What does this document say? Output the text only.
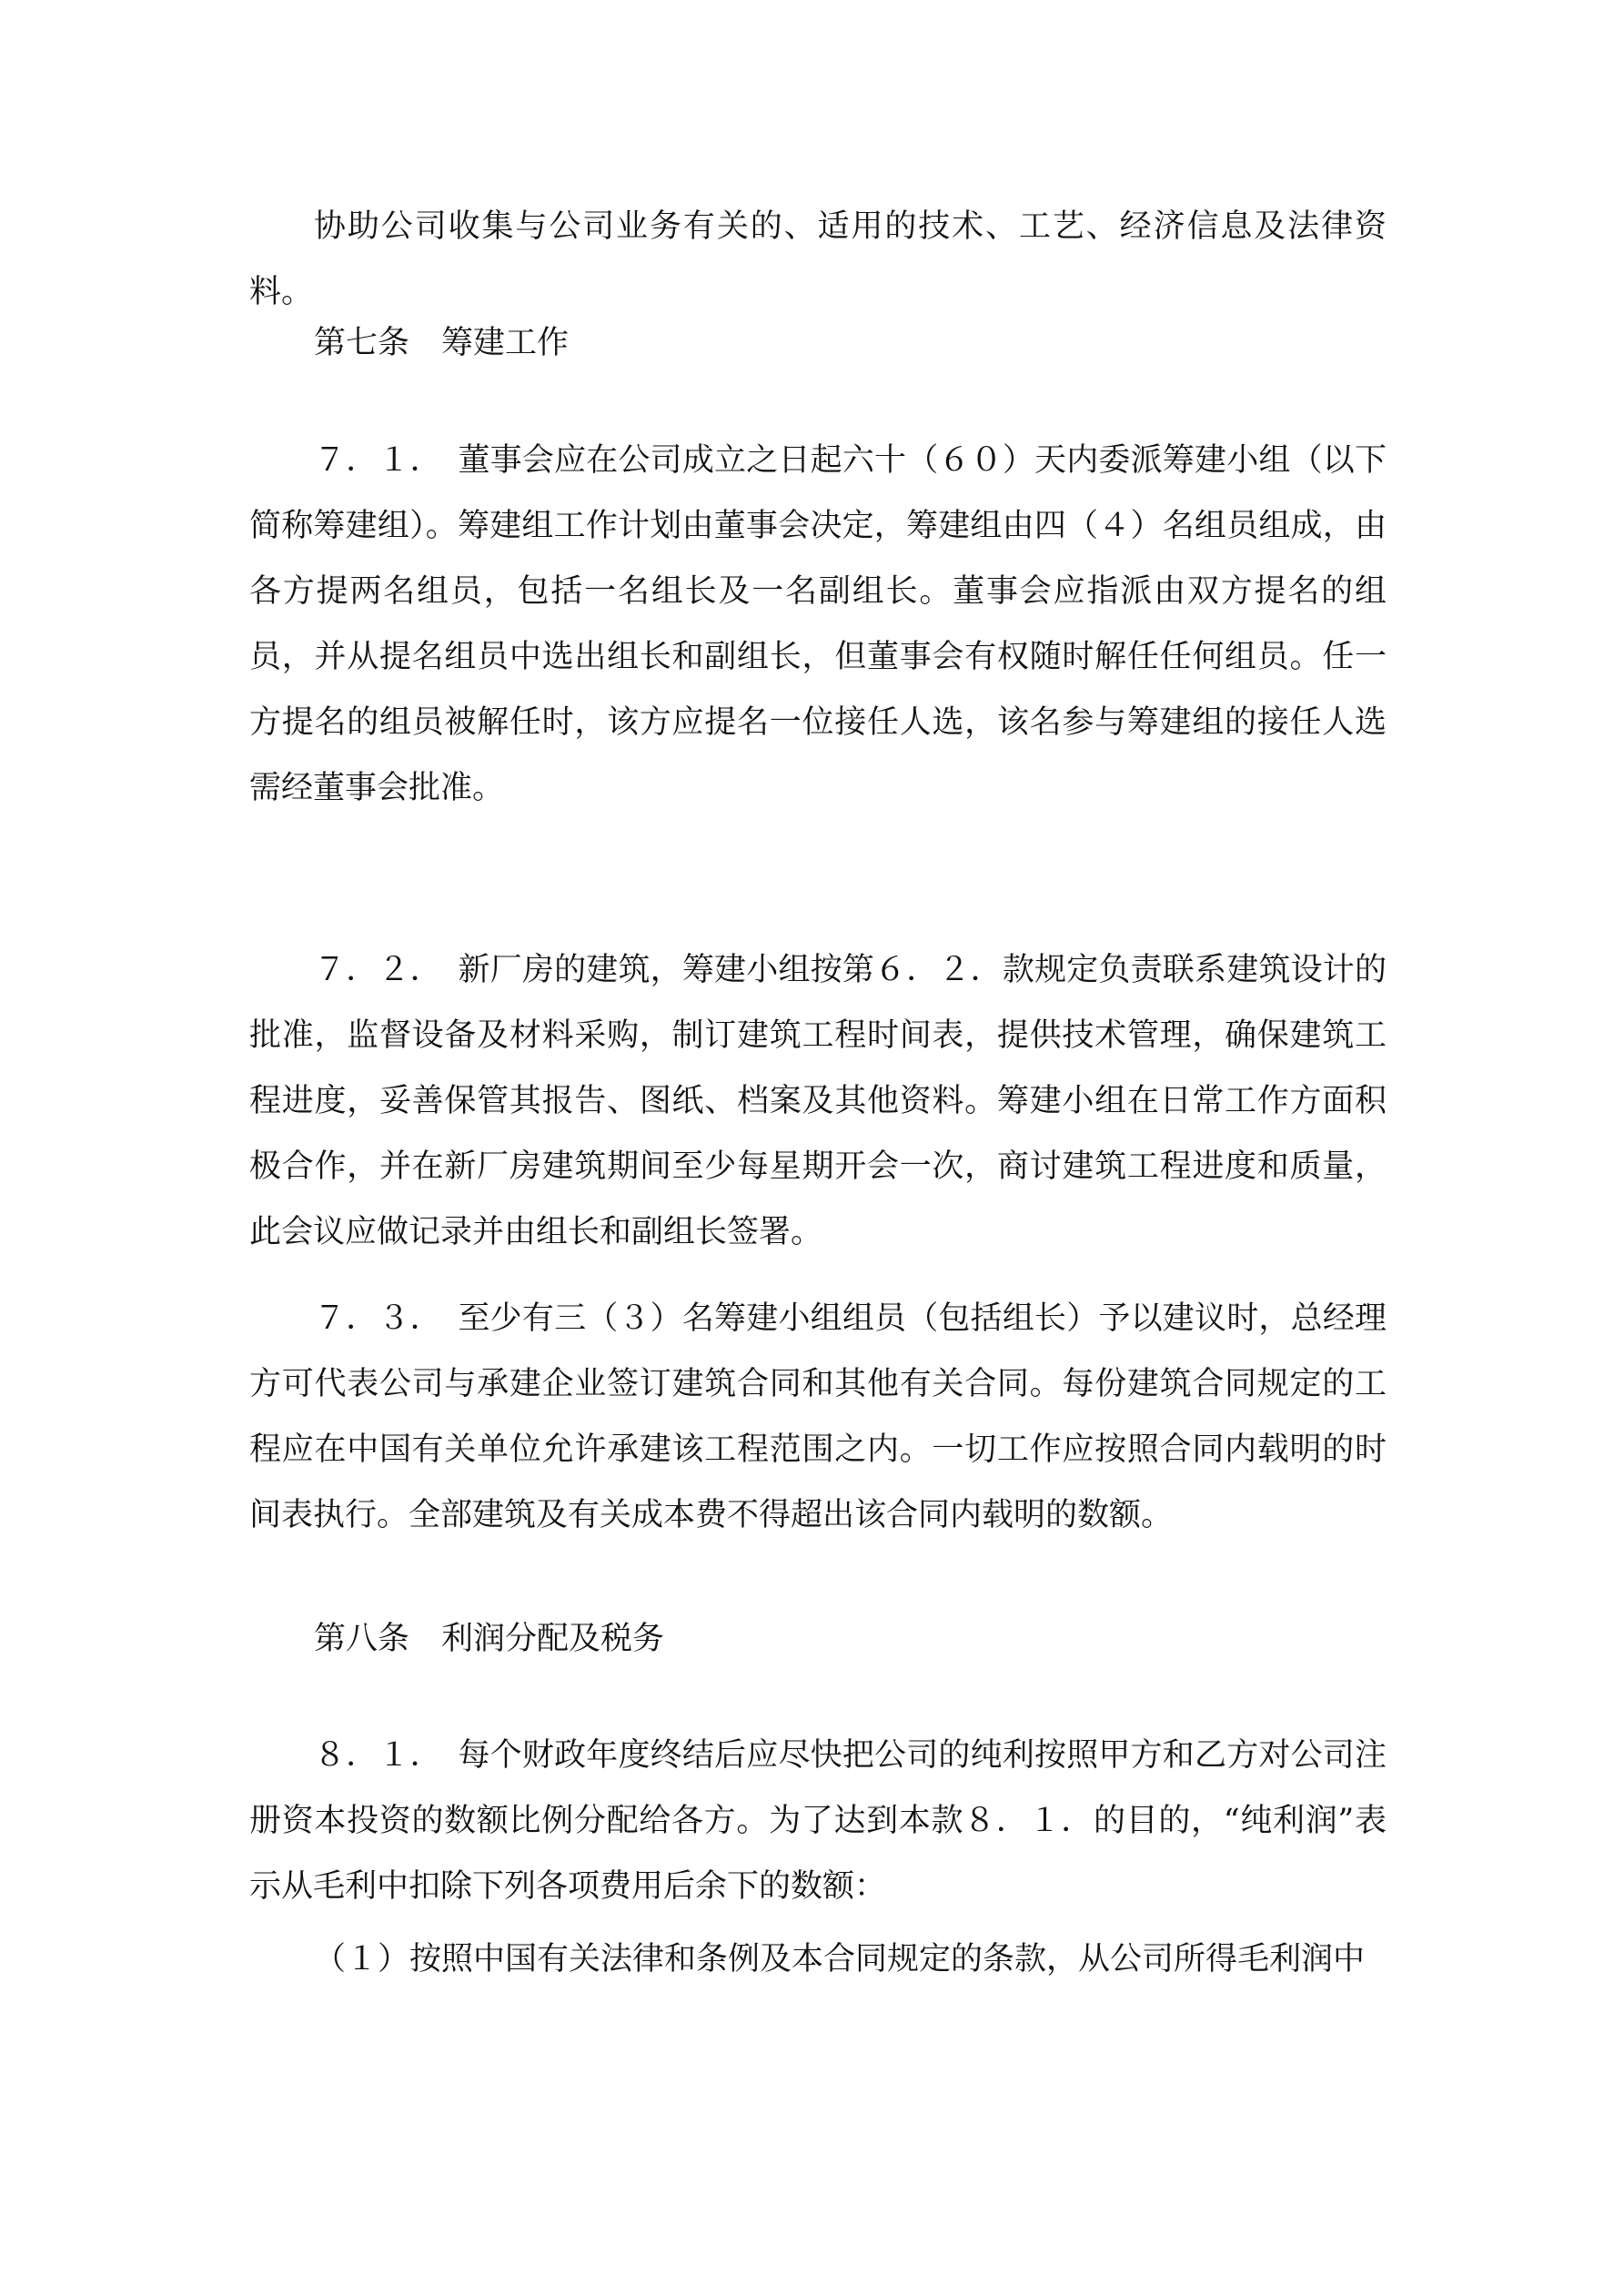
协助公司收集与公司业务有关的、适用的技术、工艺、经济信息及法律资料。

第七条　筹建工作

７．１．　董事会应在公司成立之日起六十（６０）天内委派筹建小组（以下简称筹建组）。筹建组工作计划由董事会决定，筹建组由四（４）名组员组成，由各方提两名组员，包括一名组长及一名副组长。董事会应指派由双方提名的组员，并从提名组员中选出组长和副组长，但董事会有权随时解任任何组员。任一方提名的组员被解任时，该方应提名一位接任人选，该名参与筹建组的接任人选需经董事会批准。

７．２．　新厂房的建筑，筹建小组按第６．２．款规定负责联系建筑设计的批准，监督设备及材料采购，制订建筑工程时间表，提供技术管理，确保建筑工程进度，妥善保管其报告、图纸、档案及其他资料。筹建小组在日常工作方面积极合作，并在新厂房建筑期间至少每星期开会一次，商讨建筑工程进度和质量，此会议应做记录并由组长和副组长签署。

７．３．　至少有三（３）名筹建小组组员（包括组长）予以建议时，总经理方可代表公司与承建企业签订建筑合同和其他有关合同。每份建筑合同规定的工程应在中国有关单位允许承建该工程范围之内。一切工作应按照合同内载明的时间表执行。全部建筑及有关成本费不得超出该合同内载明的数额。

第八条　利润分配及税务

８．１．　每个财政年度终结后应尽快把公司的纯利按照甲方和乙方对公司注册资本投资的数额比例分配给各方。为了达到本款８．１．的目的，“纯利润”表示从毛利中扣除下列各项费用后余下的数额：

（１）按照中国有关法律和条例及本合同规定的条款，从公司所得毛利润中
